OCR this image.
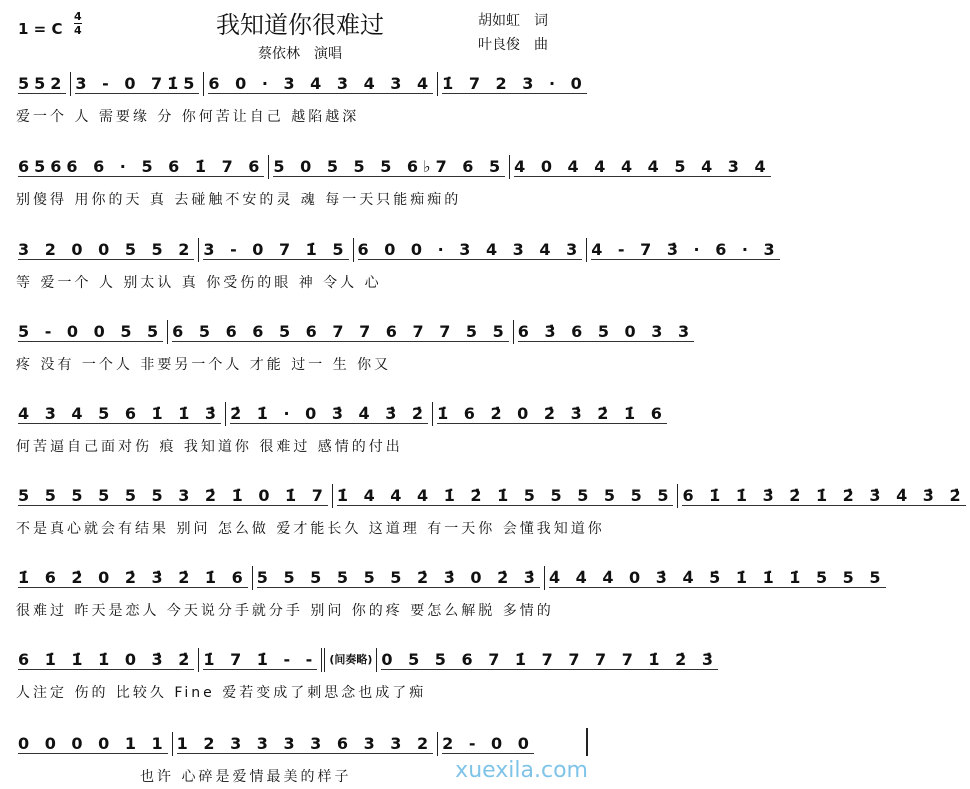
1 = C
4
4	我知道你很难过
蔡依林　演唱
胡如虹　词
叶良俊　曲
552 3 - 0 71̇5 6 0 · 3 4 3 4 3 4 1̇ 7 2 3 · 0
爱一个 人 需要缘 分 你何苦让自己 越陷越深
6566 6 · 5 6 1̇ 7 6 5 0 5 5 5 6♭7 6 5 4 0 4 4 4 4 5 4 3 4
别傻得 用你的天 真 去碰触不安的灵 魂 每一天只能痴痴的
3 2 0 0 5 5 2 3 - 0 7 1̇ 5 6 0 0 · 3 4 3 4 3 4 - 7 3̇ · 6 · 3
等 爱一个 人 别太认 真 你受伤的眼 神 令人 心
5 - 0 0 5 5 6 5 6 6 5 6 7 7 6 7 7 5 5 6 3̇ 6 5 0 3 3
疼 没有 一个人 非要另一个人 才能 过一 生 你又
4 3 4 5 6 1̇ 1̇ 3̇ 2̇ 1̇ · 0 3̇ 4̇ 3̇ 2̇ 1̇ 6 2̇ 0 2̇ 3̇ 2̇ 1̇ 6
何苦逼自己面对伤 痕 我知道你 很难过 感情的付出
5 5 5 5 5 5 3 2̇ 1̇ 0 1̇ 7 1̇ 4 4 4 1̇ 2̇ 1̇ 5 5 5 5 5 5 6 1̇ 1̇ 3̇ 2̇ 1̇ 2̇ 3̇ 4̇ 3̇ 2̇
不是真心就会有结果 别问 怎么做 爱才能长久 这道理 有一天你 会懂我知道你
1̇ 6 2̇ 0 2̇ 3̇ 2̇ 1̇ 6 5 5 5 5 5 5 2̇ 3̇ 0 2̇ 3̇ 4̇ 4̇ 4̇ 0 3̇ 4̇ 5̇ 1̇ 1̇ 1̇ 5 5 5
很难过 昨天是恋人 今天说分手就分手 别问 你的疼 要怎么解脱 多情的
6 1̇ 1̇ 1̇ 0 3̇ 2̇ 1̇ 7 1̇ - -	(间奏略) 0 5 5 6 7 1̇ 7 7 7 7 1̇ 2̇ 3̇
人注定 伤的 比较久 Fine 爱若变成了刺思念也成了痴
0 0 0 0 1 1 1 2 3 3 3 3 6 3 3 2 2 - 0 0
也许 心碎是爱情最美的样子	xuexila.com
